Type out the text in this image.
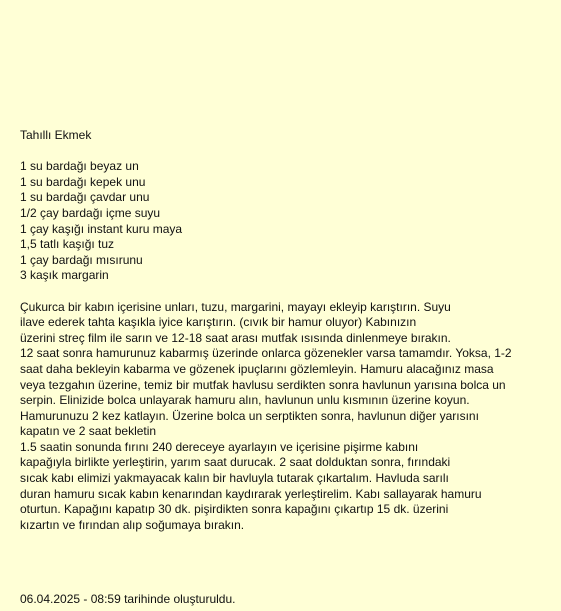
Tahıllı Ekmek
1 su bardağı beyaz un
1 su bardağı kepek unu
1 su bardağı çavdar unu
1/2 çay bardağı içme suyu
1 çay kaşığı instant kuru maya
1,5 tatlı kaşığı tuz
1 çay bardağı mısırunu
3 kaşık margarin
Çukurca bir kabın içerisine unları, tuzu, margarini, mayayı ekleyip karıştırın. Suyu
ilave ederek tahta kaşıkla iyice karıştırın. (cıvık bir hamur oluyor) Kabınızın
üzerini streç film ile sarın ve 12-18 saat arası mutfak ısısında dinlenmeye bırakın.
12 saat sonra hamurunuz kabarmış üzerinde onlarca gözenekler varsa tamamdır. Yoksa, 1-2
saat daha bekleyin kabarma ve gözenek ipuçlarını gözlemleyin. Hamuru alacağınız masa
veya tezgahın üzerine, temiz bir mutfak havlusu serdikten sonra havlunun yarısına bolca un
serpin. Elinizide bolca unlayarak hamuru alın, havlunun unlu kısmının üzerine koyun.
Hamurunuzu 2 kez katlayın. Üzerine bolca un serptikten sonra, havlunun diğer yarısını
kapatın ve 2 saat bekletin
1.5 saatin sonunda fırını 240 dereceye ayarlayın ve içerisine pişirme kabını
kapağıyla birlikte yerleştirin, yarım saat durucak. 2 saat dolduktan sonra, fırındaki
sıcak kabı elimizi yakmayacak kalın bir havluyla tutarak çıkartalım. Havluda sarılı
duran hamuru sıcak kabın kenarından kaydırarak yerleştirelim. Kabı sallayarak hamuru
oturtun. Kapağını kapatıp 30 dk. pişirdikten sonra kapağını çıkartıp 15 dk. üzerini
kızartın ve fırından alıp soğumaya bırakın.
06.04.2025 - 08:59 tarihinde oluşturuldu.
